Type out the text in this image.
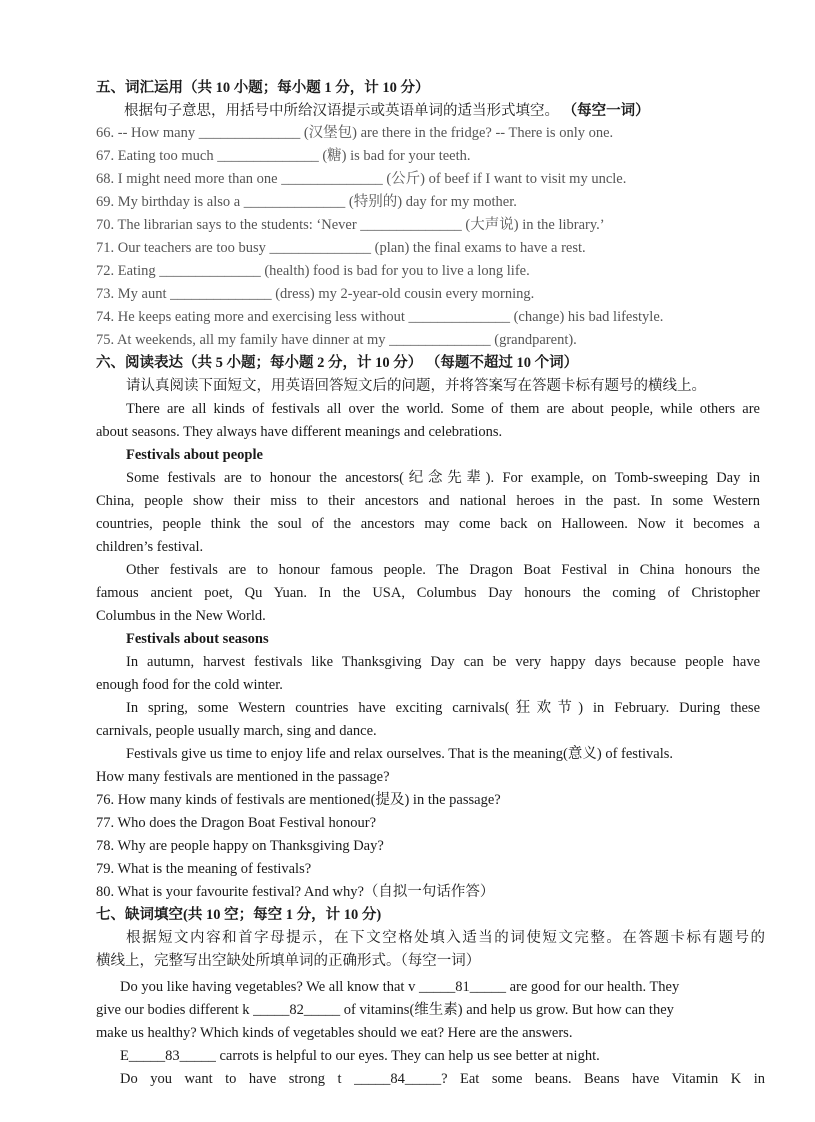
五、词汇运用（共 10 小题；每小题 1 分，计 10 分）
根据句子意思，用括号中所给汉语提示或英语单词的适当形式填空。 （每空一词）
66. -- How many ______________ (汉堡包) are there in the fridge? -- There is only one.
67. Eating too much ______________ (糖) is bad for your teeth.
68. I might need more than one ______________ (公斤) of beef if I want to visit my uncle.
69. My birthday is also a ______________ (特别的) day for my mother.
70. The librarian says to the students: ‘Never ______________ (大声说) in the library.’
71. Our teachers are too busy ______________ (plan) the final exams to have a rest.
72. Eating ______________ (health) food is bad for you to live a long life.
73. My aunt ______________ (dress) my 2-year-old cousin every morning.
74. He keeps eating more and exercising less without ______________ (change) his bad lifestyle.
75. At weekends, all my family have dinner at my ______________ (grandparent).
六、阅读表达（共 5 小题；每小题 2 分，计 10 分） （每题不超过 10 个词）
请认真阅读下面短文，用英语回答短文后的问题，并将答案写在答题卡标有题号的横线上。
There are all kinds of festivals all over the world. Some of them are about people, while others are
about seasons. They always have different meanings and celebrations.
Festivals about people
Some festivals are to honour the ancestors(纪念先辈). For example, on Tomb-sweeping Day in
China, people show their miss to their ancestors and national heroes in the past. In some Western
countries, people think the soul of the ancestors may come back on Halloween. Now it becomes a
children’s festival.
Other festivals are to honour famous people. The Dragon Boat Festival in China honours the
famous ancient poet, Qu Yuan. In the USA, Columbus Day honours the coming of Christopher
Columbus in the New World.
Festivals about seasons
In autumn, harvest festivals like Thanksgiving Day can be very happy days because people have
enough food for the cold winter.
In spring, some Western countries have exciting carnivals(狂欢节) in February. During these
carnivals, people usually march, sing and dance.
Festivals give us time to enjoy life and relax ourselves. That is the meaning(意义) of festivals.
How many festivals are mentioned in the passage?
76. How many kinds of festivals are mentioned(提及) in the passage?
77. Who does the Dragon Boat Festival honour?
78. Why are people happy on Thanksgiving Day?
79. What is the meaning of festivals?
80. What is your favourite festival? And why?（自拟一句话作答）
七、缺词填空(共 10 空；每空 1 分，计 10 分)
根据短文内容和首字母提示，在下文空格处填入适当的词使短文完整。在答题卡标有题号的
横线上，完整写出空缺处所填单词的正确形式。（每空一词）
Do you like having vegetables? We all know that v _____81_____ are good for our health. They
give our bodies different k _____82_____ of vitamins(维生素) and help us grow. But how can they
make us healthy? Which kinds of vegetables should we eat? Here are the answers.
E_____83_____ carrots is helpful to our eyes. They can help us see better at night.
Do you want to have strong t _____84_____? Eat some beans. Beans have Vitamin K in
